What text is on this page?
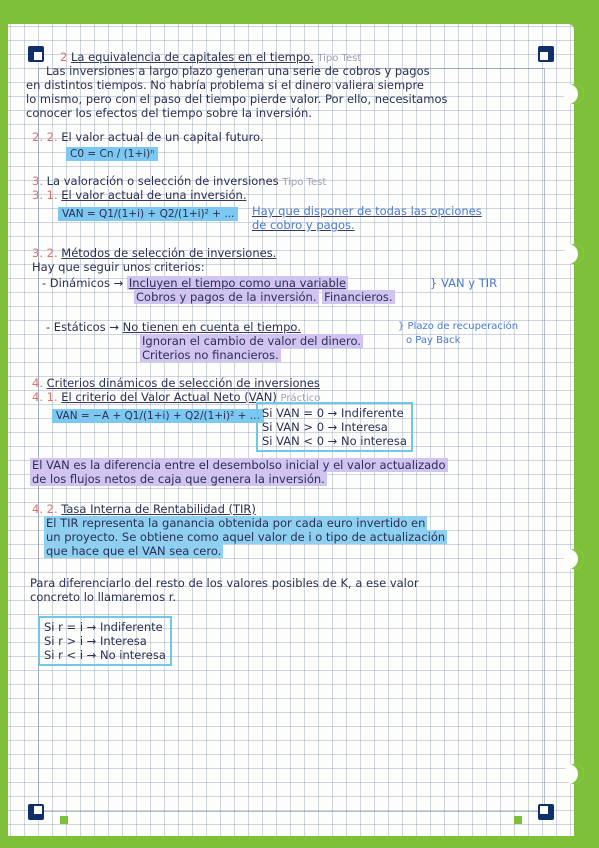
2 La equivalencia de capitales en el tiempo. Tipo Test
Las inversiones a largo plazo generan una serie de cobros y pagos
en distintos tiempos. No habría problema si el dinero valiera siempre
lo mismo, pero con el paso del tiempo pierde valor. Por ello, necesitamos
conocer los efectos del tiempo sobre la inversión.
2. 2. El valor actual de un capital futuro.
C0 = Cn / (1+i)ⁿ
3. La valoración o selección de inversiones Tipo Test
3. 1. El valor actual de una inversión.
VAN = Q1/(1+i) + Q2/(1+i)² + ...	Hay que disponer de todas las opciones
de cobro y pagos.
3. 2. Métodos de selección de inversiones.
Hay que seguir unos criterios:
- Dinámicos → Incluyen el tiempo como una variable
Cobros y pagos de la inversión. Financieros.
} VAN y TIR
- Estáticos → No tienen en cuenta el tiempo.
Ignoran el cambio de valor del dinero.
Criterios no financieros.
} Plazo de recuperación
o Pay Back
4. Criterios dinámicos de selección de inversiones
4. 1. El criterio del Valor Actual Neto (VAN) Práctico
VAN = −A + Q1/(1+i) + Q2/(1+i)² + ... Si VAN = 0 → Indiferente
Si VAN > 0 → Interesa
Si VAN < 0 → No interesa
El VAN es la diferencia entre el desembolso inicial y el valor actualizado
de los flujos netos de caja que genera la inversión.
4. 2. Tasa Interna de Rentabilidad (TIR)
El TIR representa la ganancia obtenida por cada euro invertido en
un proyecto. Se obtiene como aquel valor de i o tipo de actualización
que hace que el VAN sea cero.
Para diferenciarlo del resto de los valores posibles de K, a ese valor
concreto lo llamaremos r.
Si r = i → Indiferente
Si r > i → Interesa
Si r < i → No interesa
